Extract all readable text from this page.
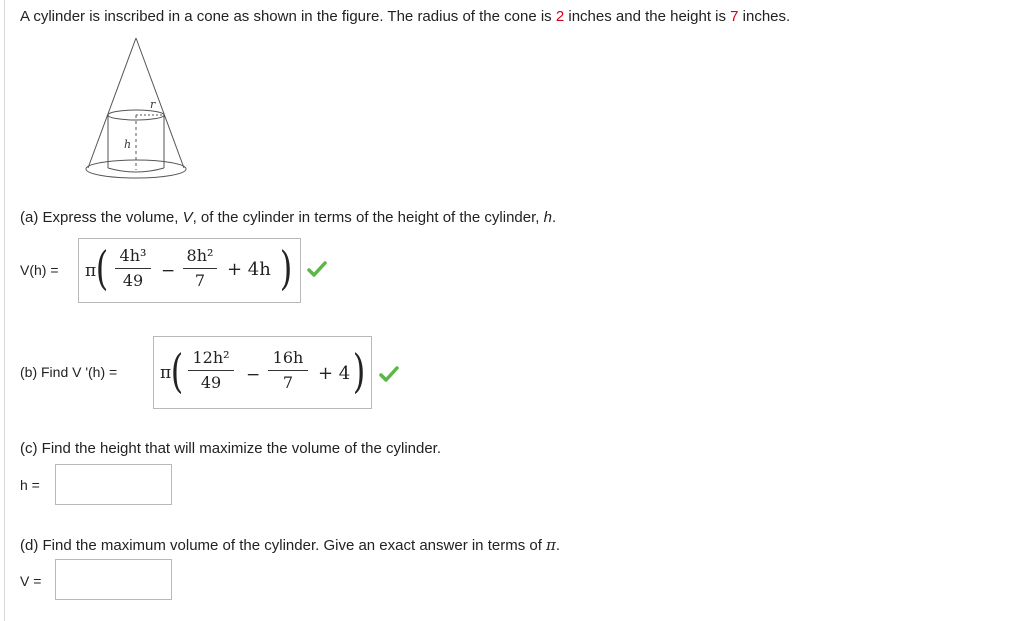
A cylinder is inscribed in a cone as shown in the figure. The radius of the cone is 2 inches and the height is 7 inches.
r
h
(a) Express the volume, V, of the cylinder in terms of the height of the cylinder, h.
V(h) = π ( 4h³
49	−
8h²
7
+ 4h )
(b) Find V '(h) =	π ( 12h²
49	−
16h
7	+ 4 )
(c) Find the height that will maximize the volume of the cylinder.
h =
(d) Find the maximum volume of the cylinder. Give an exact answer in terms of π.
V =
